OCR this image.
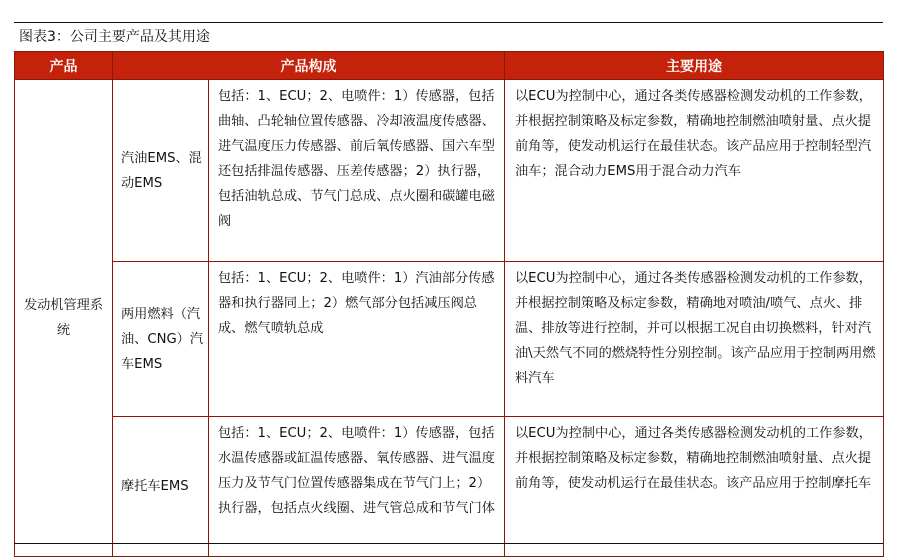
图表3：公司主要产品及其用途
产品	产品构成		主要用途
发动机管理系统	汽油EMS、混动EMS	包括：1、ECU；2、电喷件：1）传感器，包括曲轴、凸轮轴位置传感器、冷却液温度传感器、进气温度压力传感器、前后氧传感器、国六车型还包括排温传感器、压差传感器；2）执行器，包括油轨总成、节气门总成、点火圈和碳罐电磁阀	以ECU为控制中心，通过各类传感器检测发动机的工作参数，并根据控制策略及标定参数，精确地控制燃油喷射量、点火提前角等，使发动机运行在最佳状态。该产品应用于控制轻型汽油车；混合动力EMS用于混合动力汽车
	两用燃料（汽油、CNG）汽车EMS	包括：1、ECU；2、电喷件：1）汽油部分传感器和执行器同上；2）燃气部分包括减压阀总成、燃气喷轨总成	以ECU为控制中心，通过各类传感器检测发动机的工作参数，并根据控制策略及标定参数，精确地对喷油/喷气、点火、排温、排放等进行控制，并可以根据工况自由切换燃料，针对汽油\天然气不同的燃烧特性分别控制。该产品应用于控制两用燃料汽车
	摩托车EMS	包括：1、ECU；2、电喷件：1）传感器，包括水温传感器或缸温传感器、氧传感器、进气温度压力及节气门位置传感器集成在节气门上；2）执行器，包括点火线圈、进气管总成和节气门体	以ECU为控制中心，通过各类传感器检测发动机的工作参数，并根据控制策略及标定参数，精确地控制燃油喷射量、点火提前角等，使发动机运行在最佳状态。该产品应用于控制摩托车
